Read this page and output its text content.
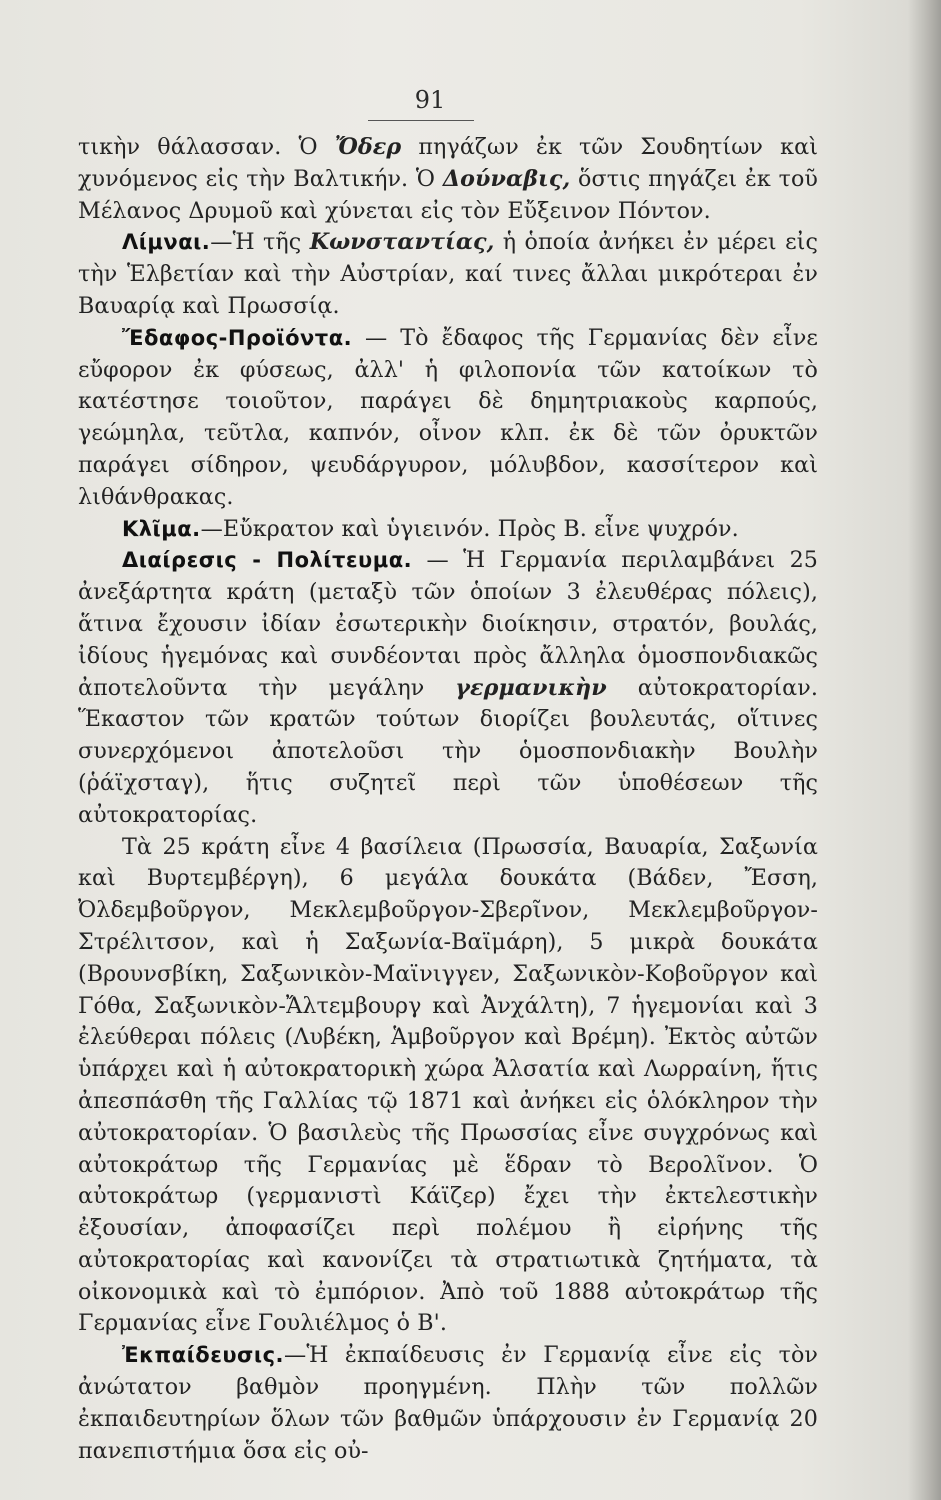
91

τικὴν θάλασσαν. Ὁ Ὄδερ πηγάζων ἐκ τῶν Σουδητίων καὶ χυνόμενος εἰς τὴν Βαλτικήν. Ὁ Δούναβις, ὅστις πηγάζει ἐκ τοῦ Μέλανος Δρυμοῦ καὶ χύνεται εἰς τὸν Εὔξεινον Πόντον.

Λίμναι.—Ἡ τῆς Κωνσταντίας, ἡ ὁποία ἀνήκει ἐν μέρει εἰς τὴν Ἑλβετίαν καὶ τὴν Αὐστρίαν, καί τινες ἄλλαι μικρότεραι ἐν Βαυαρίᾳ καὶ Πρωσσίᾳ.

Ἔδαφος-Προϊόντα. — Τὸ ἔδαφος τῆς Γερμανίας δὲν εἶνε εὔφορον ἐκ φύσεως, ἀλλ' ἡ φιλοπονία τῶν κατοίκων τὸ κατέστησε τοιοῦτον, παράγει δὲ δημητριακοὺς καρπούς, γεώμηλα, τεῦτλα, καπνόν, οἶνον κλπ. ἐκ δὲ τῶν ὀρυκτῶν παράγει σίδηρον, ψευδάργυρον, μόλυβδον, κασσίτερον καὶ λιθάνθρακας.

Κλῖμα.—Εὔκρατον καὶ ὑγιεινόν. Πρὸς Β. εἶνε ψυχρόν.

Διαίρεσις - Πολίτευμα. — Ἡ Γερμανία περιλαμβάνει 25 ἀνεξάρτητα κράτη (μεταξὺ τῶν ὁποίων 3 ἐλευθέρας πόλεις), ἅτινα ἔχουσιν ἰδίαν ἐσωτερικὴν διοίκησιν, στρατόν, βουλάς, ἰδίους ἡγεμόνας καὶ συνδέονται πρὸς ἄλληλα ὁμοσπονδιακῶς ἀποτελοῦντα τὴν μεγάλην γερμανικὴν αὐτοκρατορίαν. Ἕκαστον τῶν κρατῶν τούτων διορίζει βουλευτάς, οἵτινες συνερχόμενοι ἀποτελοῦσι τὴν ὁμοσπονδιακὴν Βουλὴν (ῥάϊχσταγ), ἥτις συζητεῖ περὶ τῶν ὑποθέσεων τῆς αὐτοκρατορίας.

Τὰ 25 κράτη εἶνε 4 βασίλεια (Πρωσσία, Βαυαρία, Σαξωνία καὶ Βυρτεμβέργη), 6 μεγάλα δουκάτα (Βάδεν, Ἔσση, Ὀλδεμβοῦργον, Μεκλεμβοῦργον-Σβερῖνον, Μεκλεμβοῦργον-Στρέλιτσον, καὶ ἡ Σαξωνία-Βαϊμάρη), 5 μικρὰ δουκάτα (Βρουνσβίκη, Σαξωνικὸν-Μαϊνιγγεν, Σαξωνικὸν-Κοβοῦργον καὶ Γόθα, Σαξωνικὸν-Ἄλτεμβουργ καὶ Ἀνχάλτη), 7 ἡγεμονίαι καὶ 3 ἐλεύθεραι πόλεις (Λυβέκη, Ἁμβοῦργον καὶ Βρέμη). Ἐκτὸς αὐτῶν ὑπάρχει καὶ ἡ αὐτοκρατορικὴ χώρα Ἀλσατία καὶ Λωρραίνη, ἥτις ἀπεσπάσθη τῆς Γαλλίας τῷ 1871 καὶ ἀνήκει εἰς ὁλόκληρον τὴν αὐτοκρατορίαν. Ὁ βασιλεὺς τῆς Πρωσσίας εἶνε συγχρόνως καὶ αὐτοκράτωρ τῆς Γερμανίας μὲ ἕδραν τὸ Βερολῖνον. Ὁ αὐτοκράτωρ (γερμανιστὶ Κάϊζερ) ἔχει τὴν ἐκτελεστικὴν ἐξουσίαν, ἀποφασίζει περὶ πολέμου ἢ εἰρήνης τῆς αὐτοκρατορίας καὶ κανονίζει τὰ στρατιωτικὰ ζητήματα, τὰ οἰκονομικὰ καὶ τὸ ἐμπόριον. Ἀπὸ τοῦ 1888 αὐτοκράτωρ τῆς Γερμανίας εἶνε Γουλιέλμος ὁ Β'.

Ἐκπαίδευσις.—Ἡ ἐκπαίδευσις ἐν Γερμανίᾳ εἶνε εἰς τὸν ἀνώτατον βαθμὸν προηγμένη. Πλὴν τῶν πολλῶν ἐκπαιδευτηρίων ὅλων τῶν βαθμῶν ὑπάρχουσιν ἐν Γερμανίᾳ 20 πανεπιστήμια ὅσα εἰς οὐ-
